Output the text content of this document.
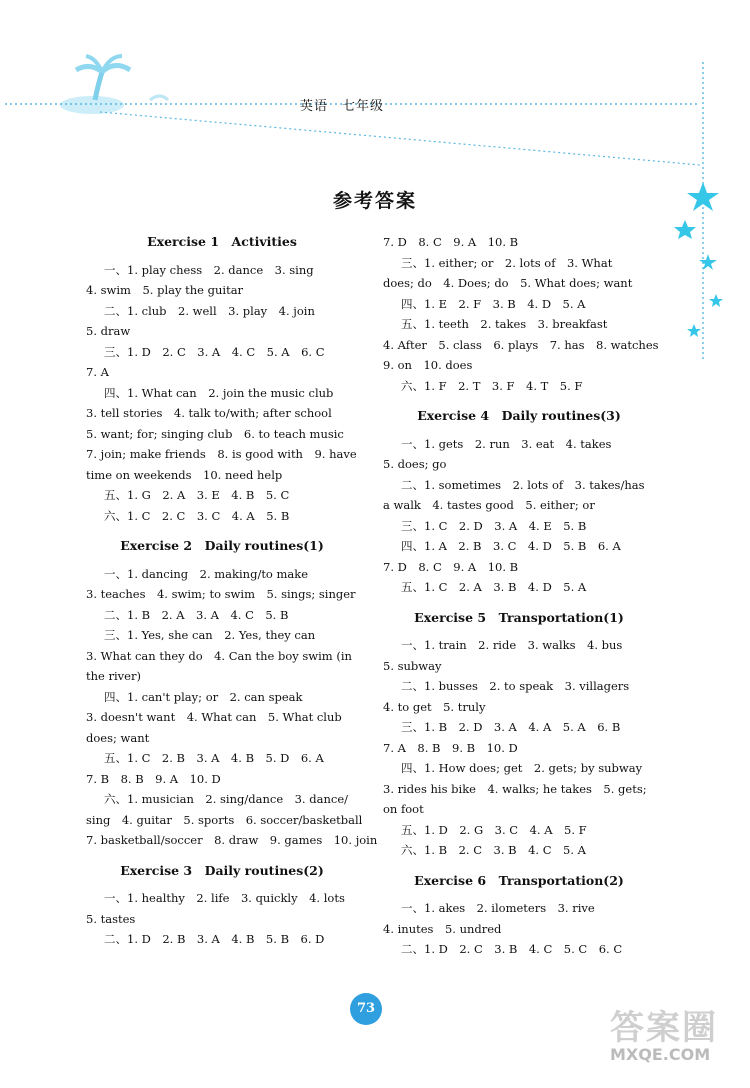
英语　七年级
参考答案
Exercise 1　Activities
一、1. play chess　2. dance　3. sing
4. swim　5. play the guitar
二、1. club　2. well　3. play　4. join
5. draw
三、1. D　2. C　3. A　4. C　5. A　6. C
7. A
四、1. What can　2. join the music club
3. tell stories　4. talk to/with; after school
5. want; for; singing club　6. to teach music
7. join; make friends　8. is good with　9. have
time on weekends　10. need help
五、1. G　2. A　3. E　4. B　5. C
六、1. C　2. C　3. C　4. A　5. B
Exercise 2　Daily routines(1)
一、1. dancing　2. making/to make
3. teaches　4. swim; to swim　5. sings; singer
二、1. B　2. A　3. A　4. C　5. B
三、1. Yes, she can　2. Yes, they can
3. What can they do　4. Can the boy swim (in
the river)
四、1. can't play; or　2. can speak
3. doesn't want　4. What can　5. What club
does; want
五、1. C　2. B　3. A　4. B　5. D　6. A
7. B　8. B　9. A　10. D
六、1. musician　2. sing/dance　3. dance/
sing　4. guitar　5. sports　6. soccer/basketball
7. basketball/soccer　8. draw　9. games　10. join
Exercise 3　Daily routines(2)
一、1. healthy　2. life　3. quickly　4. lots
5. tastes
二、1. D　2. B　3. A　4. B　5. B　6. D
7. D　8. C　9. A　10. B
三、1. either; or　2. lots of　3. What
does; do　4. Does; do　5. What does; want
四、1. E　2. F　3. B　4. D　5. A
五、1. teeth　2. takes　3. breakfast
4. After　5. class　6. plays　7. has　8. watches
9. on　10. does
六、1. F　2. T　3. F　4. T　5. F
Exercise 4　Daily routines(3)
一、1. gets　2. run　3. eat　4. takes
5. does; go
二、1. sometimes　2. lots of　3. takes/has
a walk　4. tastes good　5. either; or
三、1. C　2. D　3. A　4. E　5. B
四、1. A　2. B　3. C　4. D　5. B　6. A
7. D　8. C　9. A　10. B
五、1. C　2. A　3. B　4. D　5. A
Exercise 5　Transportation(1)
一、1. train　2. ride　3. walks　4. bus
5. subway
二、1. busses　2. to speak　3. villagers
4. to get　5. truly
三、1. B　2. D　3. A　4. A　5. A　6. B
7. A　8. B　9. B　10. D
四、1. How does; get　2. gets; by subway
3. rides his bike　4. walks; he takes　5. gets;
on foot
五、1. D　2. G　3. C　4. A　5. F
六、1. B　2. C　3. B　4. C　5. A
Exercise 6　Transportation(2)
一、1. akes　2. ilometers　3. rive
4. inutes　5. undred
二、1. D　2. C　3. B　4. C　5. C　6. C
73	答案圈
MXQE.COM
